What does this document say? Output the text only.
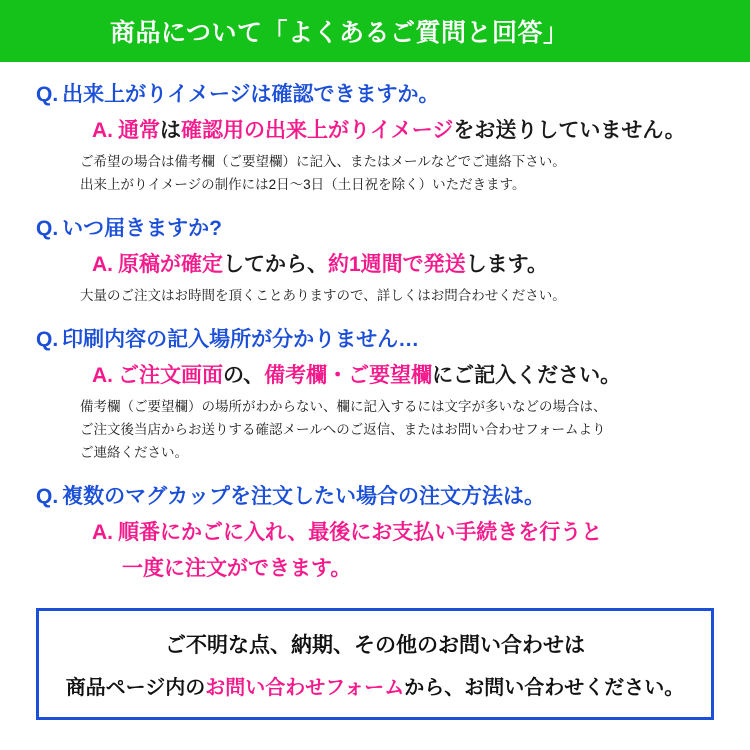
商品について「よくあるご質問と回答」
Q. 出来上がりイメージは確認できますか。
A. 通常は確認用の出来上がりイメージをお送りしていません。
ご希望の場合は備考欄（ご要望欄）に記入、またはメールなどでご連絡下さい。
出来上がりイメージの制作には2日〜3日（土日祝を除く）いただきます。
Q. いつ届きますか?
A. 原稿が確定してから、約1週間で発送します。
大量のご注文はお時間を頂くことありますので、詳しくはお問合わせください。
Q. 印刷内容の記入場所が分かりません…
A. ご注文画面の、備考欄・ご要望欄にご記入ください。
備考欄（ご要望欄）の場所がわからない、欄に記入するには文字が多いなどの場合は、
ご注文後当店からお送りする確認メールへのご返信、またはお問い合わせフォームより
ご連絡ください。
Q. 複数のマグカップを注文したい場合の注文方法は。
A. 順番にかごに入れ、最後にお支払い手続きを行うと
一度に注文ができます。
ご不明な点、納期、その他のお問い合わせは
商品ページ内のお問い合わせフォームから、お問い合わせください。
